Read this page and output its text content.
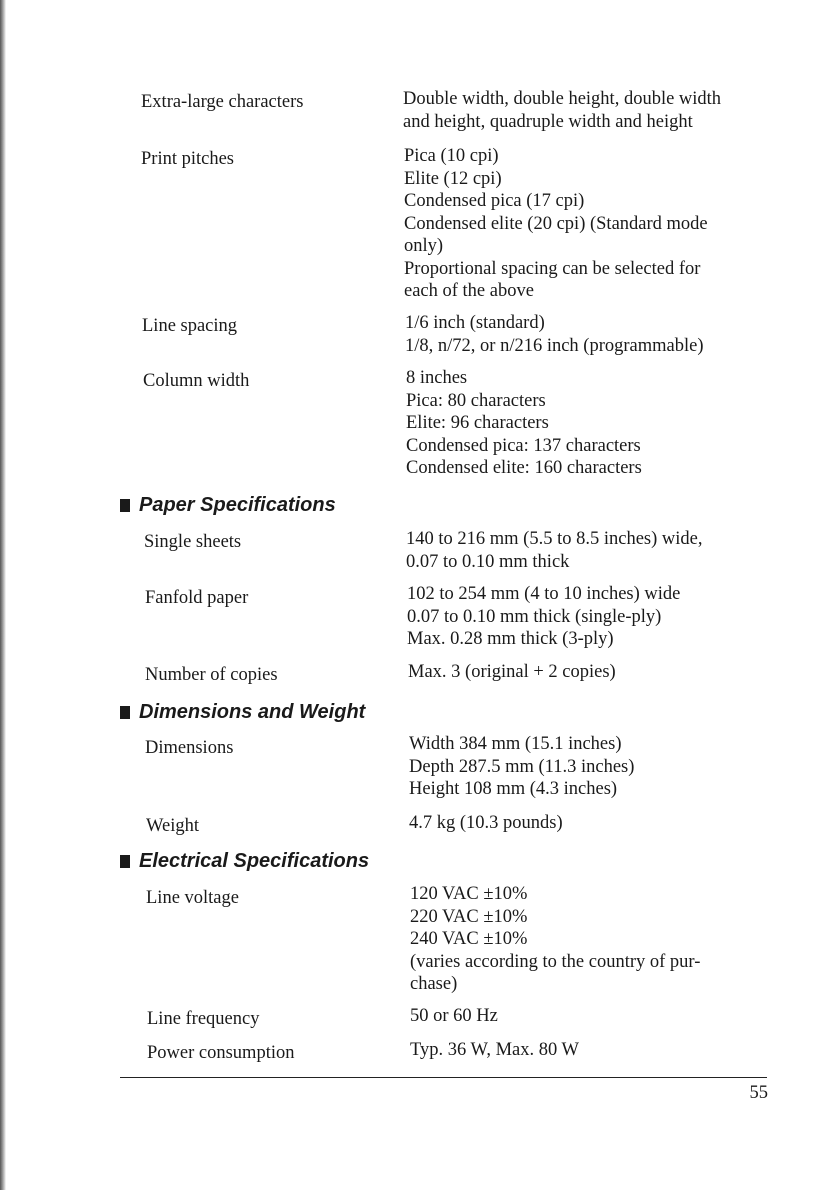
Extra-large characters	Double width, double height, double width
and height, quadruple width and height
Print pitches	Pica (10 cpi)
Elite (12 cpi)
Condensed pica (17 cpi)
Condensed elite (20 cpi) (Standard mode
only)
Proportional spacing can be selected for
each of the above
Line spacing	1/6 inch (standard)
1/8, n/72, or n/216 inch (programmable)
Column width	8 inches
Pica: 80 characters
Elite: 96 characters
Condensed pica: 137 characters
Condensed elite: 160 characters
Paper Specifications
Single sheets	140 to 216 mm (5.5 to 8.5 inches) wide,
0.07 to 0.10 mm thick
Fanfold paper	102 to 254 mm (4 to 10 inches) wide
0.07 to 0.10 mm thick (single-ply)
Max. 0.28 mm thick (3-ply)
Number of copies	Max. 3 (original + 2 copies)
Dimensions and Weight
Dimensions	Width 384 mm (15.1 inches)
Depth 287.5 mm (11.3 inches)
Height 108 mm (4.3 inches)
Weight	4.7 kg (10.3 pounds)
Electrical Specifications
Line voltage	120 VAC ±10%
220 VAC ±10%
240 VAC ±10%
(varies according to the country of pur-
chase)
Line frequency	50 or 60 Hz
Power consumption	Typ. 36 W, Max. 80 W
55
